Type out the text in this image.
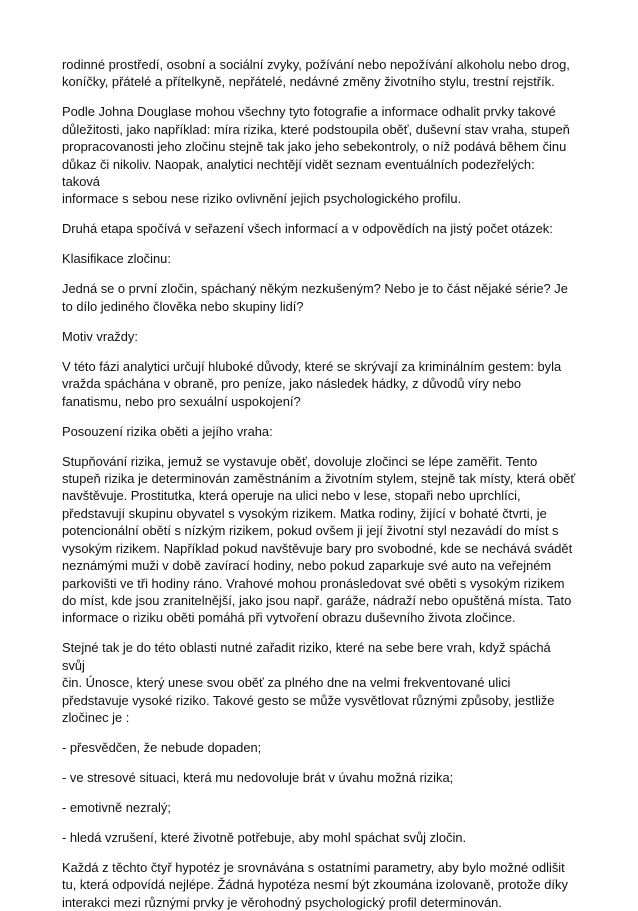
rodinné prostředí, osobní a sociální zvyky, požívání nebo nepožívání alkoholu nebo drog,
koníčky, přátelé a přítelkyně, nepřátelé, nedávné změny životního stylu, trestní rejstřík.

Podle Johna Douglase mohou všechny tyto fotografie a informace odhalit prvky takové
důležitosti, jako například: míra rizika, které podstoupila oběť, duševní stav vraha, stupeň
propracovanosti jeho zločinu stejně tak jako jeho sebekontroly, o níž podává během činu
důkaz či nikoliv. Naopak, analytici nechtějí vidět seznam eventuálních podezřelých: taková
informace s sebou nese riziko ovlivnění jejich psychologického profilu.

Druhá etapa spočívá v seřazení všech informací a v odpovědích na jistý počet otázek:

Klasifikace zločinu:

Jedná se o první zločin, spáchaný někým nezkušeným? Nebo je to část nějaké série? Je
to dílo jediného člověka nebo skupiny lidí?

Motiv vraždy:

V této fázi analytici určují hluboké důvody, které se skrývají za kriminálním gestem: byla
vražda spáchána v obraně, pro peníze, jako následek hádky, z důvodů víry nebo
fanatismu, nebo pro sexuální uspokojení?

Posouzení rizika oběti a jejího vraha:

Stupňování rizika, jemuž se vystavuje oběť, dovoluje zločinci se lépe zaměřit. Tento
stupeň rizika je determinován zaměstnáním a životním stylem, stejně tak místy, která oběť
navštěvuje. Prostitutka, která operuje na ulici nebo v lese, stopaři nebo uprchlíci,
představují skupinu obyvatel s vysokým rizikem. Matka rodiny, žijící v bohaté čtvrti, je
potencionální obětí s nízkým rizikem, pokud ovšem ji její životní styl nezavádí do míst s
vysokým rizikem. Například pokud navštěvuje bary pro svobodné, kde se nechává svádět
neznámými muži v době zavírací hodiny, nebo pokud zaparkuje své auto na veřejném
parkovišti ve tři hodiny ráno. Vrahové mohou pronásledovat své oběti s vysokým rizikem
do míst, kde jsou zranitelnější, jako jsou např. garáže, nádraží nebo opuštěná místa. Tato
informace o riziku oběti pomáhá při vytvoření obrazu duševního života zločince.

Stejné tak je do této oblasti nutné zařadit riziko, které na sebe bere vrah, když spáchá svůj
čin. Únosce, který unese svou oběť za plného dne na velmi frekventované ulici
představuje vysoké riziko. Takové gesto se může vysvětlovat různými způsoby, jestliže
zločinec je :

- přesvědčen, že nebude dopaden;

- ve stresové situaci, která mu nedovoluje brát v úvahu možná rizika;

- emotivně nezralý;

- hledá vzrušení, které životně potřebuje, aby mohl spáchat svůj zločin.

Každá z těchto čtyř hypotéz je srovnávána s ostatními parametry, aby bylo možné odlišit
tu, která odpovídá nejlépe. Žádná hypotéza nesmí být zkoumána izolovaně, protože díky
interakci mezi různými prvky je věrohodný psychologický profil determinován.
